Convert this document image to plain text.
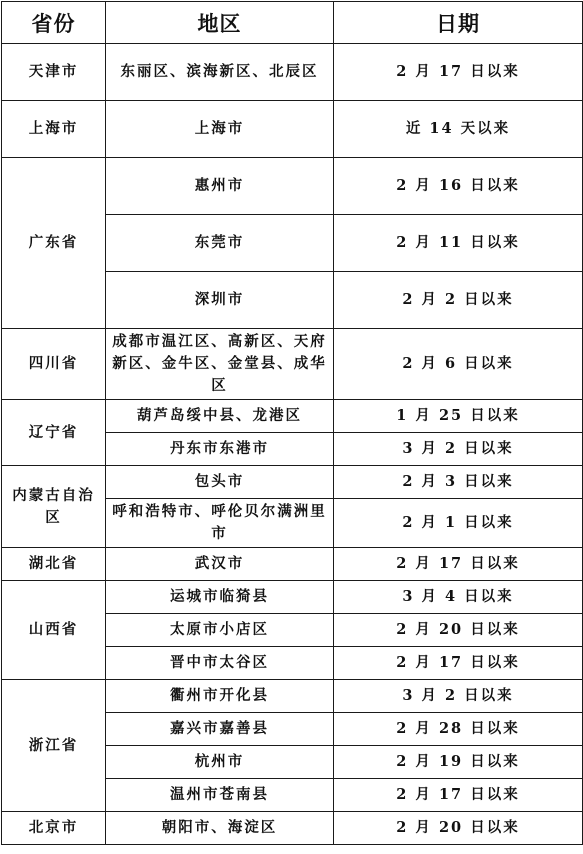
省份	地区	日期
天津市	东丽区、滨海新区、北辰区	2 月 17 日以来
上海市	上海市	近 14 天以来
广东省	惠州市	2 月 16 日以来
	东莞市	2 月 11 日以来
	深圳市	2 月 2 日以来
四川省	成都市温江区、高新区、天府新区、金牛区、金堂县、成华区	2 月 6 日以来
辽宁省	葫芦岛绥中县、龙港区	1 月 25 日以来
	丹东市东港市	3 月 2 日以来
内蒙古自治区	包头市	2 月 3 日以来
	呼和浩特市、呼伦贝尔满洲里市	2 月 1 日以来
湖北省	武汉市	2 月 17 日以来
山西省	运城市临猗县	3 月 4 日以来
	太原市小店区	2 月 20 日以来
	晋中市太谷区	2 月 17 日以来
浙江省	衢州市开化县	3 月 2 日以来
	嘉兴市嘉善县	2 月 28 日以来
	杭州市	2 月 19 日以来
	温州市苍南县	2 月 17 日以来
北京市	朝阳市、海淀区	2 月 20 日以来
